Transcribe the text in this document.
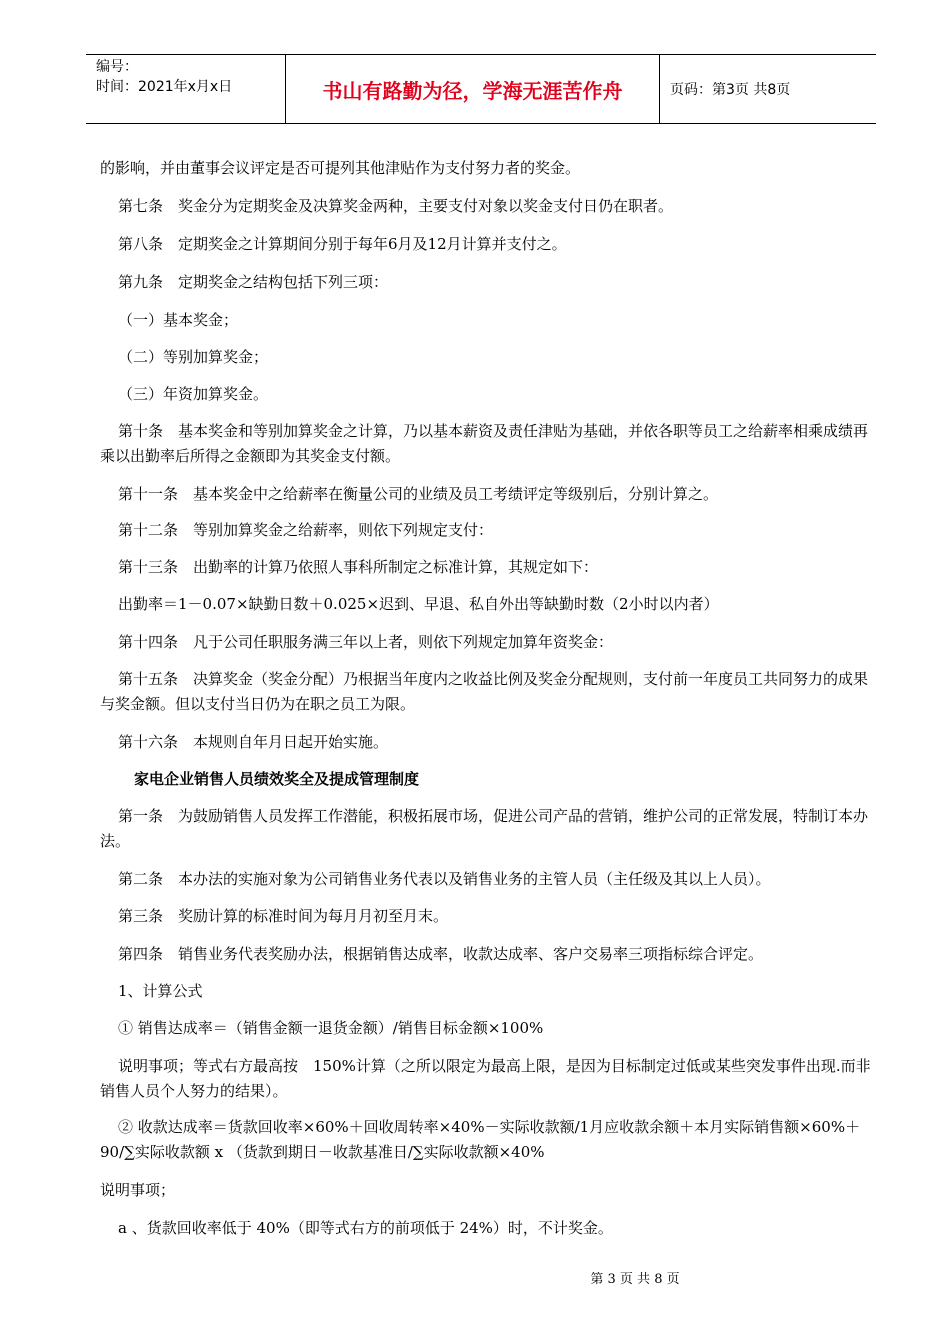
编号：
时间：2021年x月x日	书山有路勤为径，学海无涯苦作舟	页码：第3页 共8页
的影响，并由董事会议评定是否可提列其他津贴作为支付努力者的奖金。
第七条　奖金分为定期奖金及决算奖金两种，主要支付对象以奖金支付日仍在职者。
第八条　定期奖金之计算期间分别于每年6月及12月计算并支付之。
第九条　定期奖金之结构包括下列三项：
（一）基本奖金；
（二）等别加算奖金；
（三）年资加算奖金。
第十条　基本奖金和等别加算奖金之计算，乃以基本薪资及责任津贴为基础，并依各职等员工之给薪率相乘成绩再乘以出勤率后所得之金额即为其奖金支付额。
第十一条　基本奖金中之给薪率在衡量公司的业绩及员工考绩评定等级别后，分别计算之。
第十二条　等别加算奖金之给薪率，则依下列规定支付：
第十三条　出勤率的计算乃依照人事科所制定之标准计算，其规定如下：
出勤率＝1－0.07×缺勤日数＋0.025×迟到、早退、私自外出等缺勤时数（2小时以内者）
第十四条　凡于公司任职服务满三年以上者，则依下列规定加算年资奖金：
第十五条　决算奖金（奖金分配）乃根据当年度内之收益比例及奖金分配规则，支付前一年度员工共同努力的成果与奖金额。但以支付当日仍为在职之员工为限。
第十六条　本规则自年月日起开始实施。
家电企业销售人员绩效奖全及提成管理制度
第一条　为鼓励销售人员发挥工作潜能，积极拓展市场，促进公司产品的营销，维护公司的正常发展，特制订本办法。
第二条　本办法的实施对象为公司销售业务代表以及销售业务的主管人员（主任级及其以上人员）。
第三条　奖励计算的标准时间为每月月初至月末。
第四条　销售业务代表奖励办法，根据销售达成率，收款达成率、客户交易率三项指标综合评定。
1、计算公式
① 销售达成率＝（销售金额一退货金额）/销售目标金额×100%
说明事项；等式右方最高按　150%计算（之所以限定为最高上限，是因为目标制定过低或某些突发事件出现.而非销售人员个人努力的结果）。
② 收款达成率＝货款回收率×60%＋回收周转率×40%－实际收款额/1月应收款余额＋本月实际销售额×60%＋90/∑实际收款额 x （货款到期日－收款基准日/∑实际收款额×40%
说明事项；
a 、货款回收率低于 40%（即等式右方的前项低于 24%）时，不计奖金。
第 3 页 共 8 页
